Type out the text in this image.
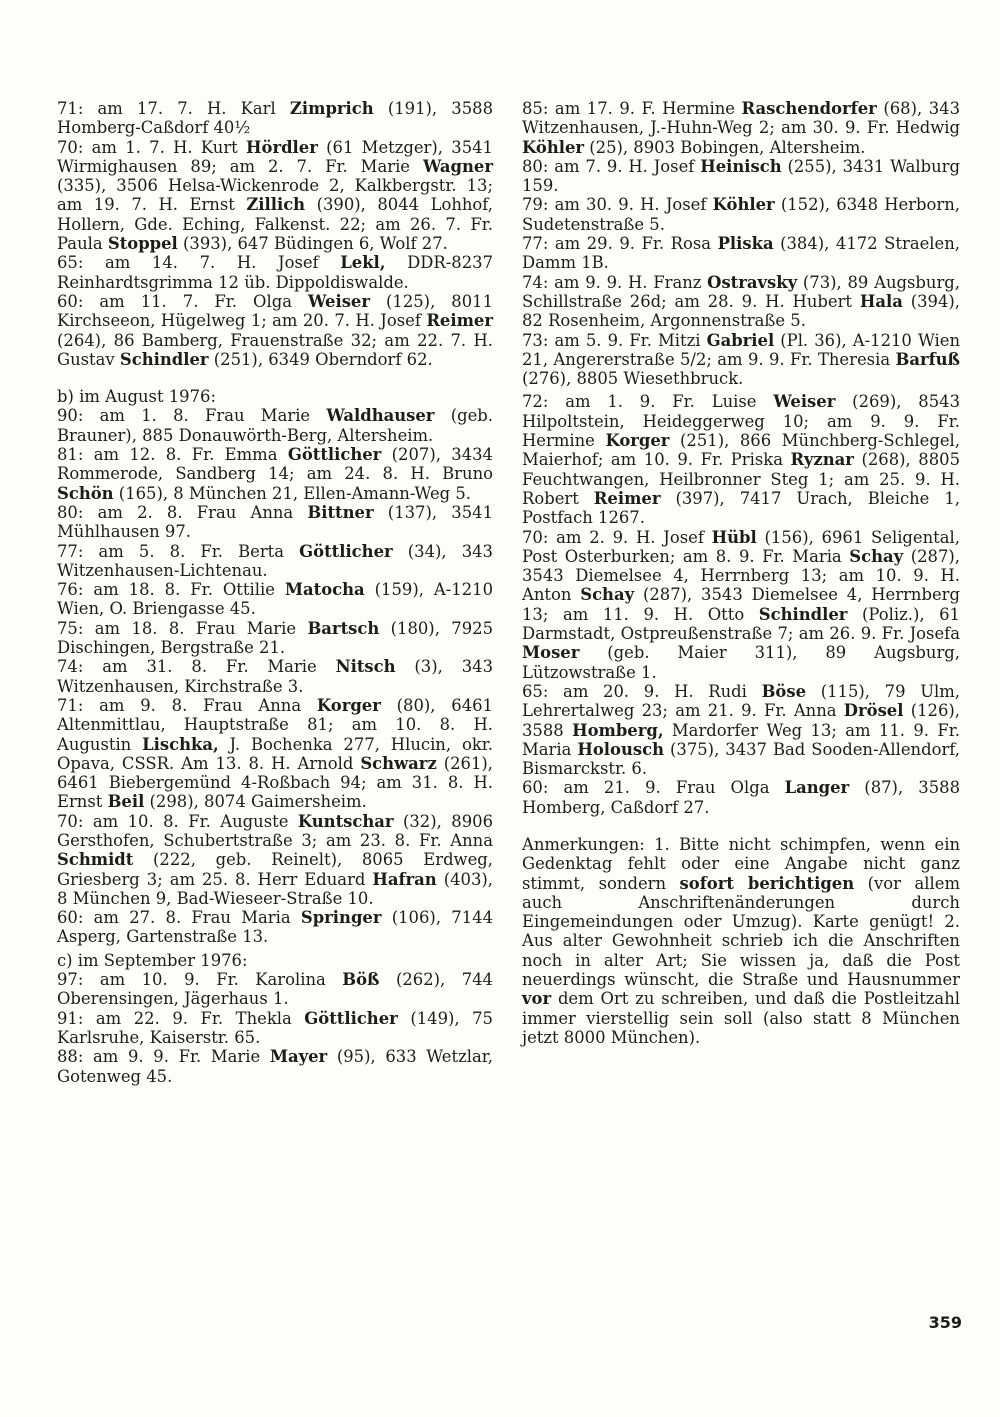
71: am 17. 7. H. Karl Zimprich (191), 3588 Homberg-Caßdorf 40½

70: am 1. 7. H. Kurt Hördler (61 Metzger), 3541 Wirmighausen 89; am 2. 7. Fr. Marie Wagner (335), 3506 Helsa-Wickenrode 2, Kalkbergstr. 13; am 19. 7. H. Ernst Zillich (390), 8044 Lohhof, Hollern, Gde. Eching, Falkenst. 22; am 26. 7. Fr. Paula Stoppel (393), 647 Büdingen 6, Wolf 27.

65: am 14. 7. H. Josef Lekl, DDR-8237 Reinhardtsgrimma 12 üb. Dippoldiswalde.

60: am 11. 7. Fr. Olga Weiser (125), 8011 Kirchseeon, Hügelweg 1; am 20. 7. H. Josef Reimer (264), 86 Bamberg, Frauenstraße 32; am 22. 7. H. Gustav Schindler (251), 6349 Oberndorf 62.

b) im August 1976:

90: am 1. 8. Frau Marie Waldhauser (geb. Brauner), 885 Donauwörth-Berg, Altersheim.

81: am 12. 8. Fr. Emma Göttlicher (207), 3434 Rommerode, Sandberg 14; am 24. 8. H. Bruno Schön (165), 8 München 21, Ellen-Amann-Weg 5.

80: am 2. 8. Frau Anna Bittner (137), 3541 Mühlhausen 97.

77: am 5. 8. Fr. Berta Göttlicher (34), 343 Witzenhausen-Lichtenau.

76: am 18. 8. Fr. Ottilie Matocha (159), A-1210 Wien, O. Briengasse 45.

75: am 18. 8. Frau Marie Bartsch (180), 7925 Dischingen, Bergstraße 21.

74: am 31. 8. Fr. Marie Nitsch (3), 343 Witzenhausen, Kirchstraße 3.

71: am 9. 8. Frau Anna Korger (80), 6461 Altenmittlau, Hauptstraße 81; am 10. 8. H. Augustin Lischka, J. Bochenka 277, Hlucin, okr. Opava, CSSR. Am 13. 8. H. Arnold Schwarz (261), 6461 Biebergemünd 4-Roßbach 94; am 31. 8. H. Ernst Beil (298), 8074 Gaimersheim.

70: am 10. 8. Fr. Auguste Kuntschar (32), 8906 Gersthofen, Schubertstraße 3; am 23. 8. Fr. Anna Schmidt (222, geb. Reinelt), 8065 Erdweg, Griesberg 3; am 25. 8. Herr Eduard Hafran (403), 8 München 9, Bad-Wieseer-Straße 10.

60: am 27. 8. Frau Maria Springer (106), 7144 Asperg, Gartenstraße 13.

c) im September 1976:

97: am 10. 9. Fr. Karolina Böß (262), 744 Oberensingen, Jägerhaus 1.

91: am 22. 9. Fr. Thekla Göttlicher (149), 75 Karlsruhe, Kaiserstr. 65.

88: am 9. 9. Fr. Marie Mayer (95), 633 Wetzlar, Gotenweg 45.

85: am 17. 9. F. Hermine Raschendorfer (68), 343 Witzenhausen, J.-Huhn-Weg 2; am 30. 9. Fr. Hedwig Köhler (25), 8903 Bobingen, Altersheim.

80: am 7. 9. H. Josef Heinisch (255), 3431 Walburg 159.

79: am 30. 9. H. Josef Köhler (152), 6348 Herborn, Sudetenstraße 5.

77: am 29. 9. Fr. Rosa Pliska (384), 4172 Straelen, Damm 1B.

74: am 9. 9. H. Franz Ostravsky (73), 89 Augsburg, Schillstraße 26d; am 28. 9. H. Hubert Hala (394), 82 Rosenheim, Argonnenstraße 5.

73: am 5. 9. Fr. Mitzi Gabriel (Pl. 36), A-1210 Wien 21, Angererstraße 5/2; am 9. 9. Fr. Theresia Barfuß (276), 8805 Wiesethbruck.

72: am 1. 9. Fr. Luise Weiser (269), 8543 Hilpoltstein, Heideggerweg 10; am 9. 9. Fr. Hermine Korger (251), 866 Münchberg-Schlegel, Maierhof; am 10. 9. Fr. Priska Ryznar (268), 8805 Feuchtwangen, Heilbronner Steg 1; am 25. 9. H. Robert Reimer (397), 7417 Urach, Bleiche 1, Postfach 1267.

70: am 2. 9. H. Josef Hübl (156), 6961 Seligental, Post Osterburken; am 8. 9. Fr. Maria Schay (287), 3543 Diemelsee 4, Herrnberg 13; am 10. 9. H. Anton Schay (287), 3543 Diemelsee 4, Herrnberg 13; am 11. 9. H. Otto Schindler (Poliz.), 61 Darmstadt, Ostpreußenstraße 7; am 26. 9. Fr. Josefa Moser (geb. Maier 311), 89 Augsburg, Lützowstraße 1.

65: am 20. 9. H. Rudi Böse (115), 79 Ulm, Lehrertalweg 23; am 21. 9. Fr. Anna Drösel (126), 3588 Homberg, Mardorfer Weg 13; am 11. 9. Fr. Maria Holousch (375), 3437 Bad Sooden-Allendorf, Bismarckstr. 6.

60: am 21. 9. Frau Olga Langer (87), 3588 Homberg, Caßdorf 27.

Anmerkungen: 1. Bitte nicht schimpfen, wenn ein Gedenktag fehlt oder eine Angabe nicht ganz stimmt, sondern sofort berichtigen (vor allem auch Anschriftenänderungen durch Eingemeindungen oder Umzug). Karte genügt! 2. Aus alter Gewohnheit schrieb ich die Anschriften noch in alter Art; Sie wissen ja, daß die Post neuerdings wünscht, die Straße und Hausnummer vor dem Ort zu schreiben, und daß die Postleitzahl immer vierstellig sein soll (also statt 8 München jetzt 8000 München).

359
